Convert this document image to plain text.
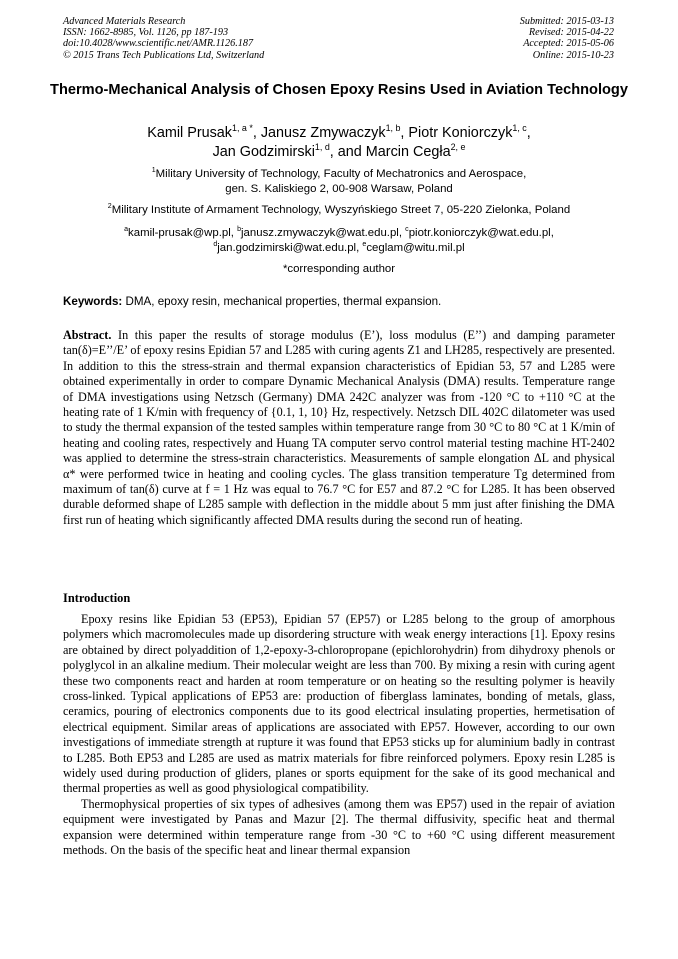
Advanced Materials Research
ISSN: 1662-8985, Vol. 1126, pp 187-193
doi:10.4028/www.scientific.net/AMR.1126.187
© 2015 Trans Tech Publications Ltd, Switzerland
Submitted: 2015-03-13
Revised: 2015-04-22
Accepted: 2015-05-06
Online: 2015-10-23
Thermo-Mechanical Analysis of Chosen Epoxy Resins Used in Aviation Technology
Kamil Prusak$^{1, a *}$, Janusz Zmywaczyk$^{1, b}$, Piotr Koniorczyk$^{1, c}$,
Jan Godzimirski$^{1, d}$, and Marcin Cegła$^{2, e}$
$^1$Military University of Technology, Faculty of Mechatronics and Aerospace,
gen. S. Kaliskiego 2, 00-908 Warsaw, Poland
$^2$Military Institute of Armament Technology, Wyszyńskiego Street 7, 05-220 Zielonka, Poland
$^a$kamil-prusak@wp.pl, $^b$janusz.zmywaczyk@wat.edu.pl, $^c$piotr.koniorczyk@wat.edu.pl,
$^d$jan.godzimirski@wat.edu.pl, $^e$ceglam@witu.mil.pl
*corresponding author
Keywords: DMA, epoxy resin, mechanical properties, thermal expansion.
Abstract. In this paper the results of storage modulus (E’), loss modulus (E’’) and damping parameter tan(δ)=E’’/E’ of epoxy resins Epidian 57 and L285 with curing agents Z1 and LH285, respectively are presented. In addition to this the stress-strain and thermal expansion characteristics of Epidian 53, 57 and L285 were obtained experimentally in order to compare Dynamic Mechanical Analysis (DMA) results. Temperature range of DMA investigations using Netzsch (Germany) DMA 242C analyzer was from -120 °C to +110 °C at the heating rate of 1 K/min with frequency of {0.1, 1, 10} Hz, respectively. Netzsch DIL 402C dilatometer was used to study the thermal expansion of the tested samples within temperature range from 30 °C to 80 °C at 1 K/min of heating and cooling rates, respectively and Huang TA computer servo control material testing machine HT-2402 was applied to determine the stress-strain characteristics. Measurements of sample elongation ΔL and physical α* were performed twice in heating and cooling cycles. The glass transition temperature Tg determined from maximum of tan(δ) curve at f = 1 Hz was equal to 76.7 °C for E57 and 87.2 °C for L285. It has been observed durable deformed shape of L285 sample with deflection in the middle about 5 mm just after finishing the DMA first run of heating which significantly affected DMA results during the second run of heating.
Introduction

Epoxy resins like Epidian 53 (EP53), Epidian 57 (EP57) or L285 belong to the group of amorphous polymers which macromolecules made up disordering structure with weak energy interactions [1]. Epoxy resins are obtained by direct polyaddition of 1,2-epoxy-3-chloropropane (epichlorohydrin) from dihydroxy phenols or polyglycol in an alkaline medium. Their molecular weight are less than 700. By mixing a resin with curing agent these two components react and harden at room temperature or on heating so the resulting polymer is heavily cross-linked. Typical applications of EP53 are: production of fiberglass laminates, bonding of metals, glass, ceramics, pouring of electronics components due to its good electrical insulating properties, hermetisation of electrical equipment. Similar areas of applications are associated with EP57. However, according to our own investigations of immediate strength at rupture it was found that EP53 sticks up for aluminium badly in contrast to L285. Both EP53 and L285 are used as matrix materials for fibre reinforced polymers. Epoxy resin L285 is widely used during production of gliders, planes or sports equipment for the sake of its good mechanical and thermal properties as well as good physiological compatibility.

Thermophysical properties of six types of adhesives (among them was EP57) used in the repair of aviation equipment were investigated by Panas and Mazur [2]. The thermal diffusivity, specific heat and thermal expansion were determined within temperature range from -30 °C to +60 °C using different measurement methods. On the basis of the specific heat and linear thermal expansion
